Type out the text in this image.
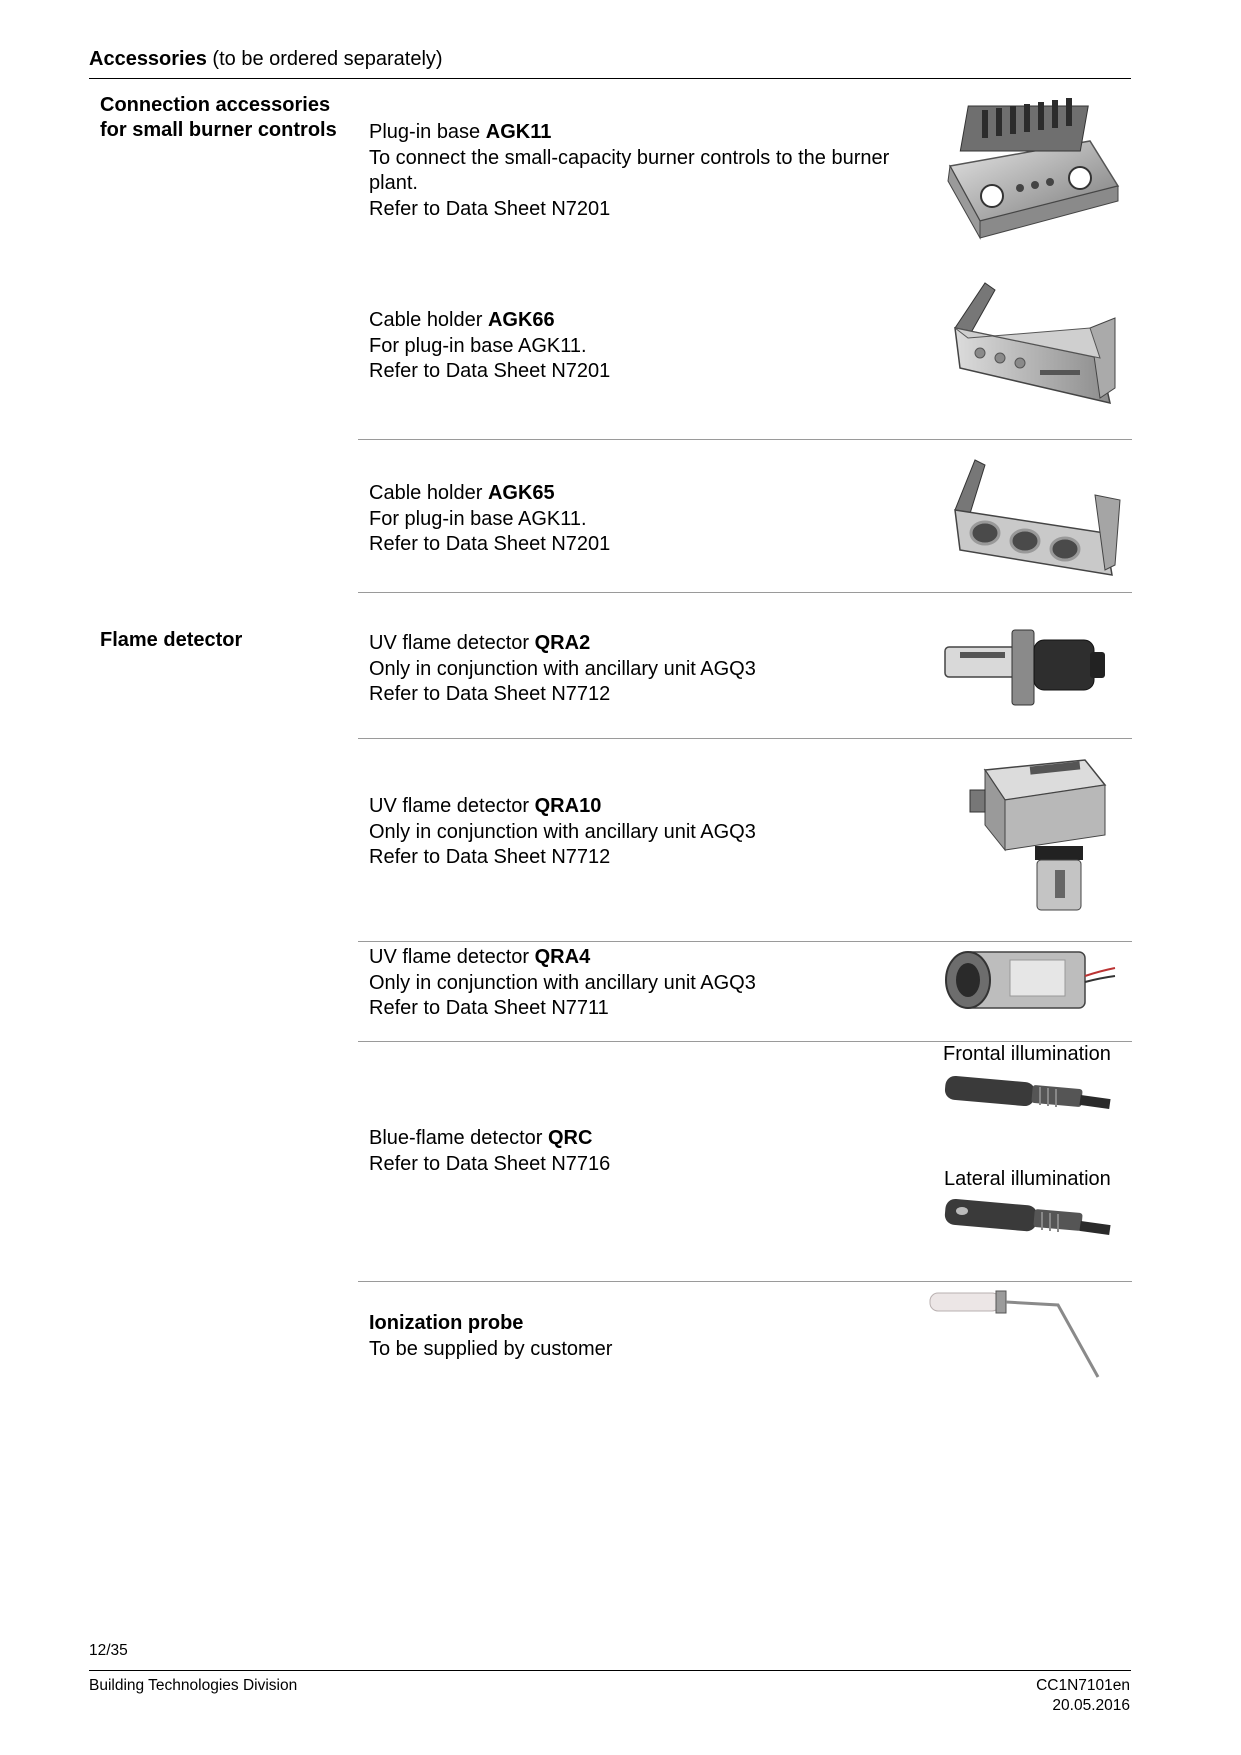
Accessories (to be ordered separately)
Connection accessories
for small burner controls
Flame detector
Plug-in base AGK11
To connect the small-capacity burner controls to the burner
plant.
Refer to Data Sheet N7201
Cable holder AGK66
For plug-in base AGK11.
Refer to Data Sheet N7201
Cable holder AGK65
For plug-in base AGK11.
Refer to Data Sheet N7201
UV flame detector QRA2
Only in conjunction with ancillary unit AGQ3
Refer to Data Sheet N7712
UV flame detector QRA10
Only in conjunction with ancillary unit AGQ3
Refer to Data Sheet N7712
UV flame detector QRA4
Only in conjunction with ancillary unit AGQ3
Refer to Data Sheet N7711
Frontal illumination
Blue-flame detector QRC
Refer to Data Sheet N7716
Lateral illumination
Ionization probe
To be supplied by customer
12/35
Building Technologies Division	CC1N7101en
20.05.2016
